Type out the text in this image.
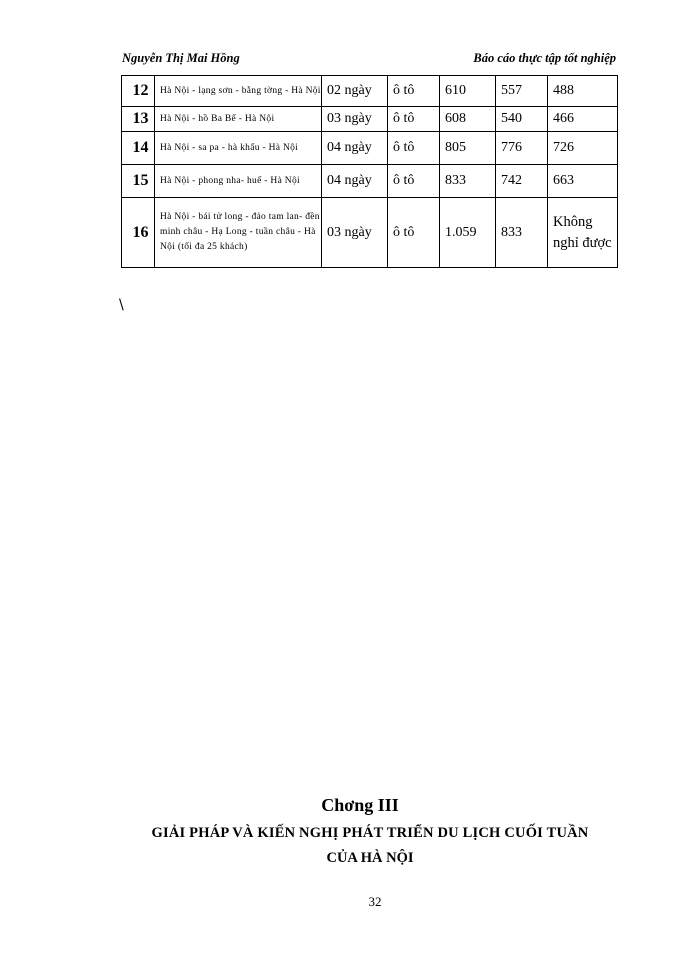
Nguyễn Thị Mai Hồng	Báo cáo thực tập tốt nghiệp
12	Hà Nội - lạng sơn - bằng tờng - Hà Nội	02 ngày	ô tô	610	557	488
13	Hà Nội - hồ Ba Bể - Hà Nội	03 ngày	ô tô	608	540	466
14	Hà Nội - sa pa - hà khẩu - Hà Nội	04 ngày	ô tô	805	776	726
15	Hà Nội - phong nha- huế - Hà Nội	04 ngày	ô tô	833	742	663
16	Hà Nội - bái tử long - đảo tam lan- đền minh châu - Hạ Long - tuần châu - Hà Nội (tối đa 25 khách)	03 ngày	ô tô	1.059	833	Không nghỉ được
\
Chơng III
GIẢI PHÁP VÀ KIẾN NGHỊ PHÁT TRIỂN DU LỊCH CUỐI TUẦN
CỦA HÀ NỘI
32
